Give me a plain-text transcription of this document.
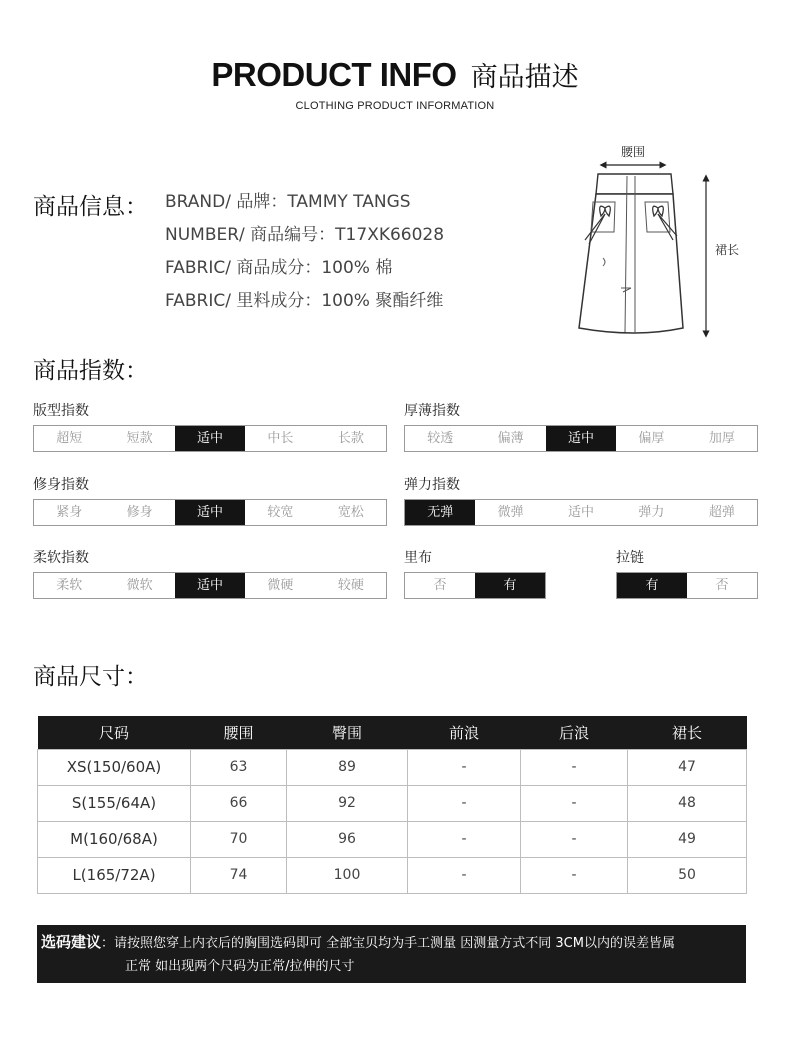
PRODUCT INFO 商品描述
CLOTHING PRODUCT INFORMATION
商品信息： BRAND/ 品牌：TAMMY TANGS
NUMBER/ 商品编号：T17XK66028
FABRIC/ 商品成分：100% 棉
FABRIC/ 里料成分：100% 聚酯纤维
腰围
裙长
商品指数：
版型指数
超短	短款	适中	中长	长款
厚薄指数
较透	偏薄	适中	偏厚	加厚
修身指数
紧身	修身	适中	较宽	宽松
弹力指数
无弹	微弹	适中	弹力	超弹
柔软指数
柔软	微软	适中	微硬	较硬
里布
否	有
拉链
有	否
商品尺寸：
尺码	腰围	臀围	前浪	后浪	裙长
XS(150/60A)	63	89	-	-	47
S(155/64A)	66	92	-	-	48
M(160/68A)	70	96	-	-	49
L(165/72A)	74	100	-	-	50
选码建议：请按照您穿上内衣后的胸围选码即可 全部宝贝均为手工测量 因测量方式不同 3CM以内的误差皆属
正常 如出现两个尺码为正常/拉伸的尺寸
